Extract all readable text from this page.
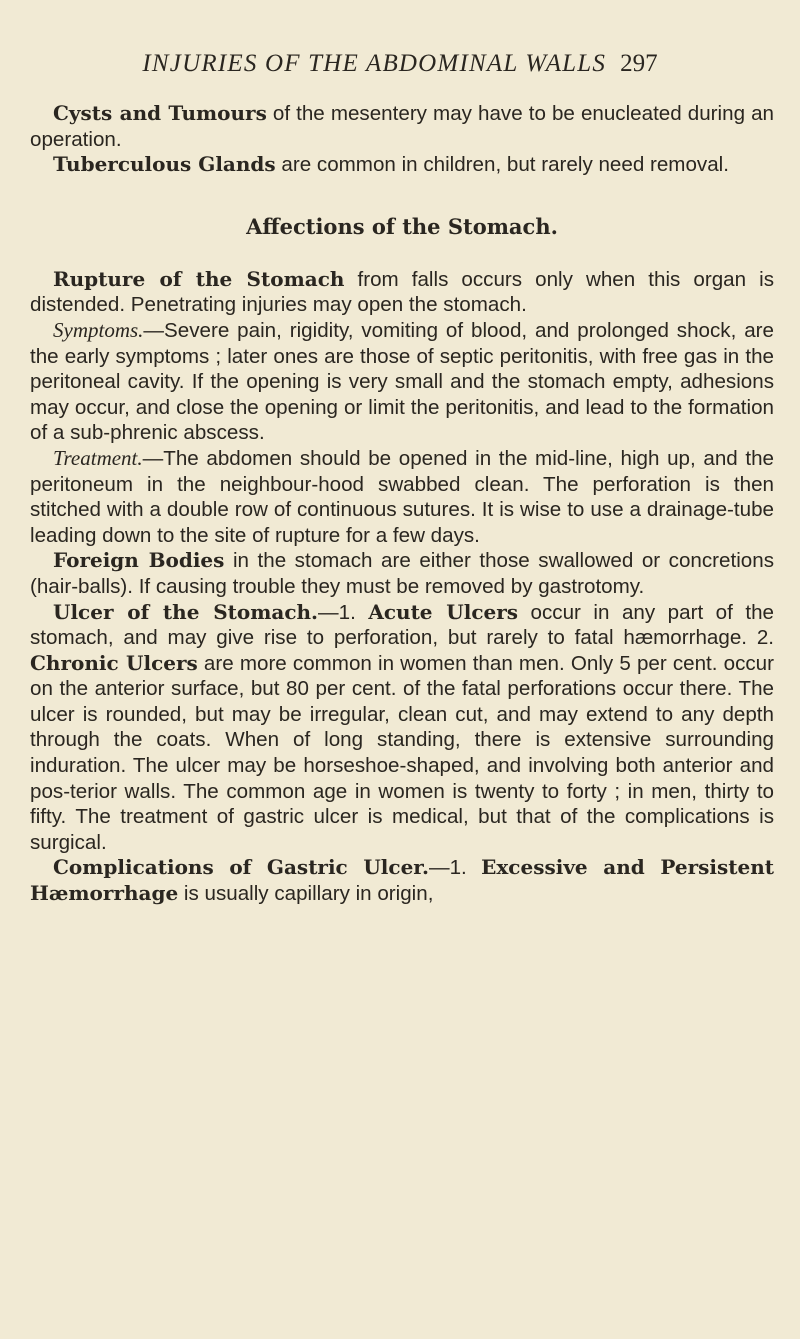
INJURIES OF THE ABDOMINAL WALLS 297

Cysts and Tumours of the mesentery may have to be enucleated during an operation.

Tuberculous Glands are common in children, but rarely need removal.

Affections of the Stomach.

Rupture of the Stomach from falls occurs only when this organ is distended. Penetrating injuries may open the stomach.

Symptoms.—Severe pain, rigidity, vomiting of blood, and prolonged shock, are the early symptoms ; later ones are those of septic peritonitis, with free gas in the peritoneal cavity. If the opening is very small and the stomach empty, adhesions may occur, and close the opening or limit the peritonitis, and lead to the formation of a sub-phrenic abscess.

Treatment.—The abdomen should be opened in the mid-line, high up, and the peritoneum in the neighbour-hood swabbed clean. The perforation is then stitched with a double row of continuous sutures. It is wise to use a drainage-tube leading down to the site of rupture for a few days.

Foreign Bodies in the stomach are either those swallowed or concretions (hair-balls). If causing trouble they must be removed by gastrotomy.

Ulcer of the Stomach.—1. Acute Ulcers occur in any part of the stomach, and may give rise to perforation, but rarely to fatal hæmorrhage. 2. Chronic Ulcers are more common in women than men. Only 5 per cent. occur on the anterior surface, but 80 per cent. of the fatal perforations occur there. The ulcer is rounded, but may be irregular, clean cut, and may extend to any depth through the coats. When of long standing, there is extensive surrounding induration. The ulcer may be horseshoe-shaped, and involving both anterior and pos-terior walls. The common age in women is twenty to forty ; in men, thirty to fifty. The treatment of gastric ulcer is medical, but that of the complications is surgical.

Complications of Gastric Ulcer.—1. Excessive and Persistent Hæmorrhage is usually capillary in origin,
